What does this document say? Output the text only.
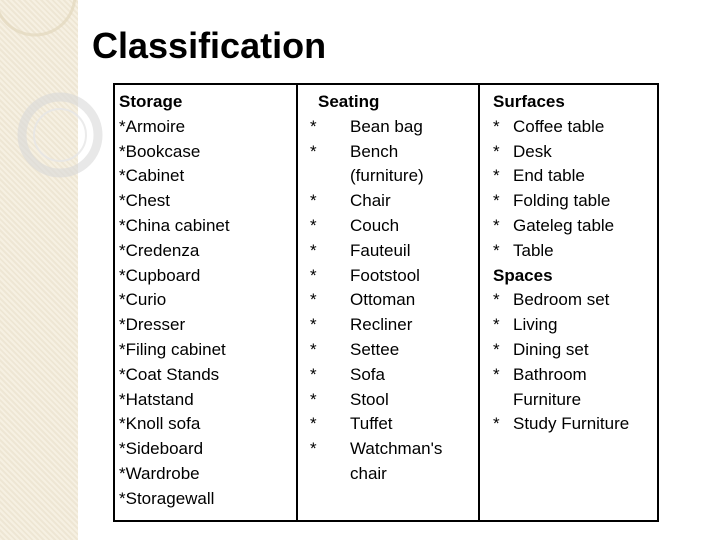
Classification
Storage
*Armoire
*Bookcase
*Cabinet
*Chest
*China cabinet
*Credenza
*Cupboard
*Curio
*Dresser
*Filing cabinet
*Coat Stands
*Hatstand
*Knoll sofa
*Sideboard
*Wardrobe
*Storagewall
Seating
*	Bean bag
*	Bench
(furniture)
*	Chair
*	Couch
*	Fauteuil
*	Footstool
*	Ottoman
*	Recliner
*	Settee
*	Sofa
*	Stool
*	Tuffet
*	Watchman's
chair
Surfaces
* Coffee table
* Desk
* End table
* Folding table
* Gateleg table
* Table
Spaces
* Bedroom set
* Living
* Dining set
* Bathroom
Furniture
* Study Furniture
